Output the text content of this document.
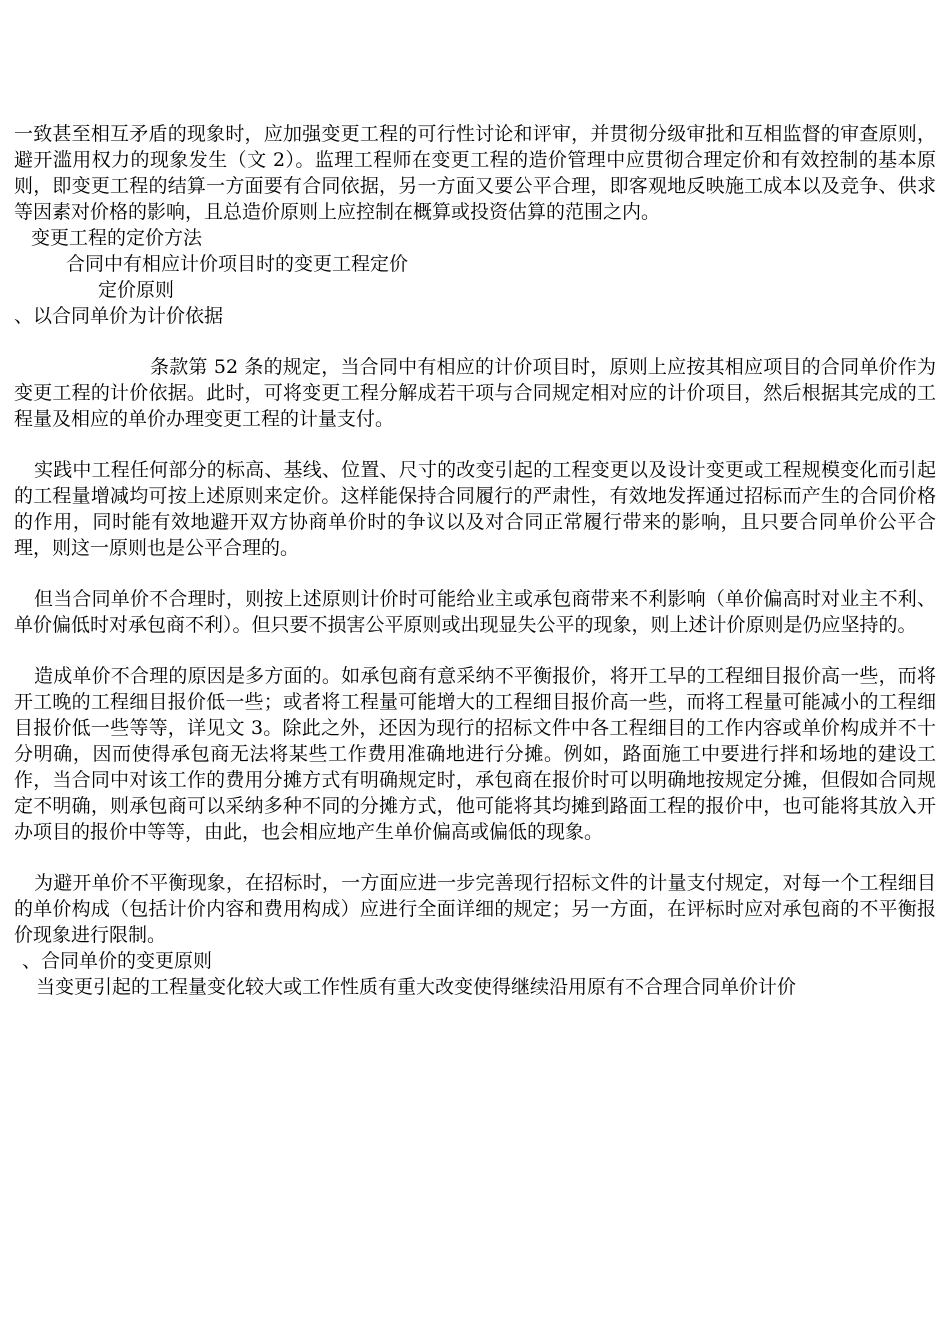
一致甚至相互矛盾的现象时，应加强变更工程的可行性讨论和评审，并贯彻分级审批和互相监督的审查原则，避开滥用权力的现象发生（文 2）。监理工程师在变更工程的造价管理中应贯彻合理定价和有效控制的基本原则，即变更工程的结算一方面要有合同依据，另一方面又要公平合理，即客观地反映施工成本以及竞争、供求等因素对价格的影响，且总造价原则上应控制在概算或投资估算的范围之内。

变更工程的定价方法

合同中有相应计价项目时的变更工程定价

定价原则

、以合同单价为计价依据

条款第 52 条的规定，当合同中有相应的计价项目时，原则上应按其相应项目的合同单价作为变更工程的计价依据。此时，可将变更工程分解成若干项与合同规定相对应的计价项目，然后根据其完成的工程量及相应的单价办理变更工程的计量支付。

实践中工程任何部分的标高、基线、位置、尺寸的改变引起的工程变更以及设计变更或工程规模变化而引起的工程量增减均可按上述原则来定价。这样能保持合同履行的严肃性，有效地发挥通过招标而产生的合同价格的作用，同时能有效地避开双方协商单价时的争议以及对合同正常履行带来的影响，且只要合同单价公平合理，则这一原则也是公平合理的。

但当合同单价不合理时，则按上述原则计价时可能给业主或承包商带来不利影响（单价偏高时对业主不利、单价偏低时对承包商不利）。但只要不损害公平原则或出现显失公平的现象，则上述计价原则是仍应坚持的。

造成单价不合理的原因是多方面的。如承包商有意采纳不平衡报价，将开工早的工程细目报价高一些，而将开工晚的工程细目报价低一些；或者将工程量可能增大的工程细目报价高一些，而将工程量可能减小的工程细目报价低一些等等，详见文 3。除此之外，还因为现行的招标文件中各工程细目的工作内容或单价构成并不十分明确，因而使得承包商无法将某些工作费用准确地进行分摊。例如，路面施工中要进行拌和场地的建设工作，当合同中对该工作的费用分摊方式有明确规定时，承包商在报价时可以明确地按规定分摊，但假如合同规定不明确，则承包商可以采纳多种不同的分摊方式，他可能将其均摊到路面工程的报价中，也可能将其放入开办项目的报价中等等，由此，也会相应地产生单价偏高或偏低的现象。

为避开单价不平衡现象，在招标时，一方面应进一步完善现行招标文件的计量支付规定，对每一个工程细目的单价构成（包括计价内容和费用构成）应进行全面详细的规定；另一方面，在评标时应对承包商的不平衡报价现象进行限制。

、合同单价的变更原则

当变更引起的工程量变化较大或工作性质有重大改变使得继续沿用原有不合理合同单价计价
